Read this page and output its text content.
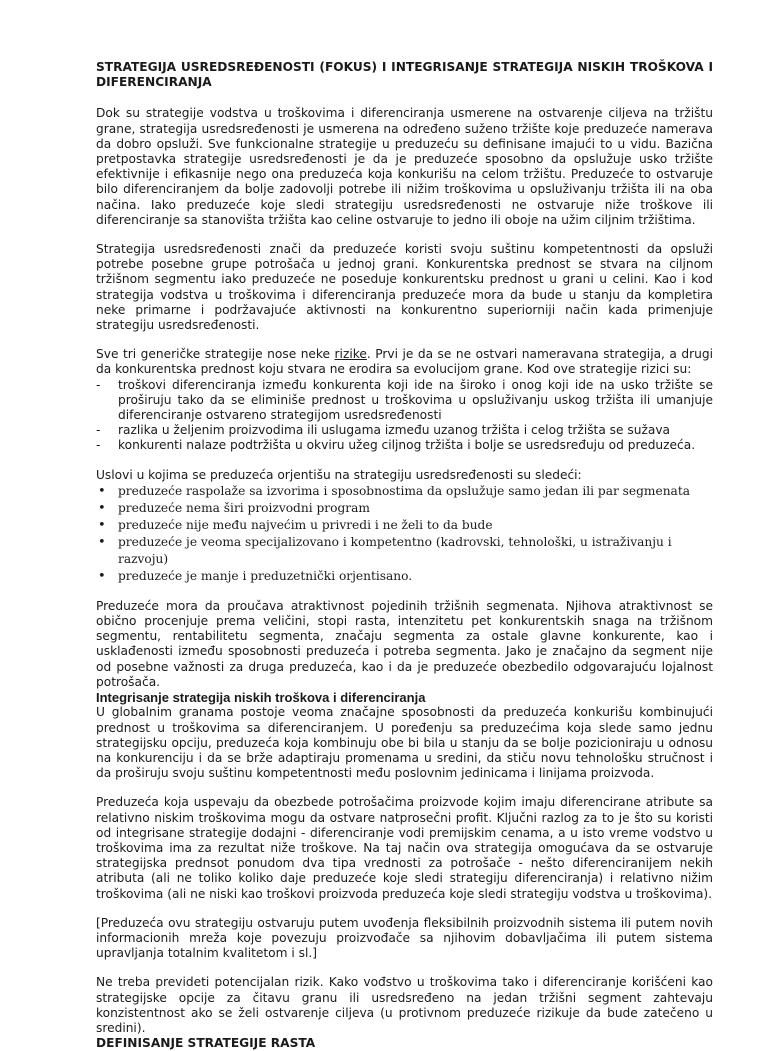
STRATEGIJA USREDSREĐENOSTI (FOKUS) I INTEGRISANJE STRATEGIJA NISKIH TROŠKOVA I DIFERENCIRANJA

Dok su strategije vodstva u troškovima i diferenciranja usmerene na ostvarenje ciljeva na tržištu grane, strategija usredsređenosti je usmerena na određeno suženo tržište koje preduzeće namerava da dobro opsluži. Sve funkcionalne strategije u preduzeću su definisane imajući to u vidu. Bazična pretpostavka strategije usredsređenosti je da je preduzeće sposobno da opslužuje usko tržište efektivnije i efikasnije nego ona preduzeća koja konkurišu na celom tržištu. Preduzeće to ostvaruje bilo diferenciranjem da bolje zadovolji potrebe ili nižim troškovima u opsluživanju tržišta ili na oba načina. Iako preduzeće koje sledi strategiju usredsređenosti ne ostvaruje niže troškove ili diferenciranje sa stanovišta tržišta kao celine ostvaruje to jedno ili oboje na užim ciljnim tržištima.

Strategija usredsređenosti znači da preduzeće koristi svoju suštinu kompetentnosti da opsluži potrebe posebne grupe potrošača u jednoj grani. Konkurentska prednost se stvara na ciljnom tržišnom segmentu iako preduzeće ne poseduje konkurentsku prednost u grani u celini. Kao i kod strategija vodstva u troškovima i diferenciranja preduzeće mora da bude u stanju da kompletira neke primarne i podržavajuće aktivnosti na konkurentno superiorniji način kada primenjuje strategiju usredsređenosti.

Sve tri generičke strategije nose neke rizike. Prvi je da se ne ostvari nameravana strategija, a drugi da konkurentska prednost koju stvara ne erodira sa evolucijom grane. Kod ove strategije rizici su:

- troškovi diferenciranja između konkurenta koji ide na široko i onog koji ide na usko tržište se proširuju tako da se eliminiše prednost u troškovima u opsluživanju uskog tržišta ili umanjuje diferenciranje ostvareno strategijom usredsređenosti
- razlika u željenim proizvodima ili uslugama između uzanog tržišta i celog tržišta se sužava
- konkurenti nalaze podtržišta u okviru užeg ciljnog tržišta i bolje se usredsređuju od preduzeća.

Uslovi u kojima se preduzeća orjentišu na strategiju usredsređenosti su sledeći:

• preduzeće raspolaže sa izvorima i sposobnostima da opslužuje samo jedan ili par segmenata
• preduzeće nema širi proizvodni program
• preduzeće nije među najvećim u privredi i ne želi to da bude
• preduzeće je veoma specijalizovano i kompetentno (kadrovski, tehnološki, u istraživanju i razvoju)
• preduzeće je manje i preduzetnički orjentisano.

Preduzeće mora da proučava atraktivnost pojedinih tržišnih segmenata. Njihova atraktivnost se obično procenjuje prema veličini, stopi rasta, intenzitetu pet konkurentskih snaga na tržišnom segmentu, rentabilitetu segmenta, značaju segmenta za ostale glavne konkurente, kao i usklađenosti između sposobnosti preduzeća i potreba segmenta. Jako je značajno da segment nije od posebne važnosti za druga preduzeća, kao i da je preduzeće obezbedilo odgovarajuću lojalnost potrošača.

Integrisanje strategija niskih troškova i diferenciranja

U globalnim granama postoje veoma značajne sposobnosti da preduzeća konkurišu kombinujući prednost u troškovima sa diferenciranjem. U poređenju sa preduzećima koja slede samo jednu strategijsku opciju, preduzeća koja kombinuju obe bi bila u stanju da se bolje pozicioniraju u odnosu na konkurenciju i da se brže adaptiraju promenama u sredini, da stiču novu tehnološku stručnost i da proširuju svoju suštinu kompetentnosti među poslovnim jedinicama i linijama proizvoda.

Preduzeća koja uspevaju da obezbede potrošačima proizvode kojim imaju diferencirane atribute sa relativno niskim troškovima mogu da ostvare natprosečni profit. Ključni razlog za to je što su koristi od integrisane strategije dodajni - diferenciranje vodi premijskim cenama, a u isto vreme vodstvo u troškovima ima za rezultat niže troškove. Na taj način ova strategija omogućava da se ostvaruje strategijska prednsot ponudom dva tipa vrednosti za potrošače - nešto diferenciranijem nekih atributa (ali ne toliko koliko daje preduzeće koje sledi strategiju diferenciranja) i relativno nižim troškovima (ali ne niski kao troškovi proizvoda preduzeća koje sledi strategiju vodstva u troškovima).

[Preduzeća ovu strategiju ostvaruju putem uvođenja fleksibilnih proizvodnih sistema ili putem novih informacionih mreža koje povezuju proizvođače sa njihovim dobavljačima ili putem sistema upravljanja totalnim kvalitetom i sl.]

Ne treba prevideti potencijalan rizik. Kako vođstvo u troškovima tako i diferenciranje korišćeni kao strategijske opcije za čitavu granu ili usredsređeno na jedan tržišni segment zahtevaju konzistentnost ako se želi ostvarenje ciljeva (u protivnom preduzeće rizikuje da bude zatečeno u sredini).

DEFINISANJE STRATEGIJE RASTA
